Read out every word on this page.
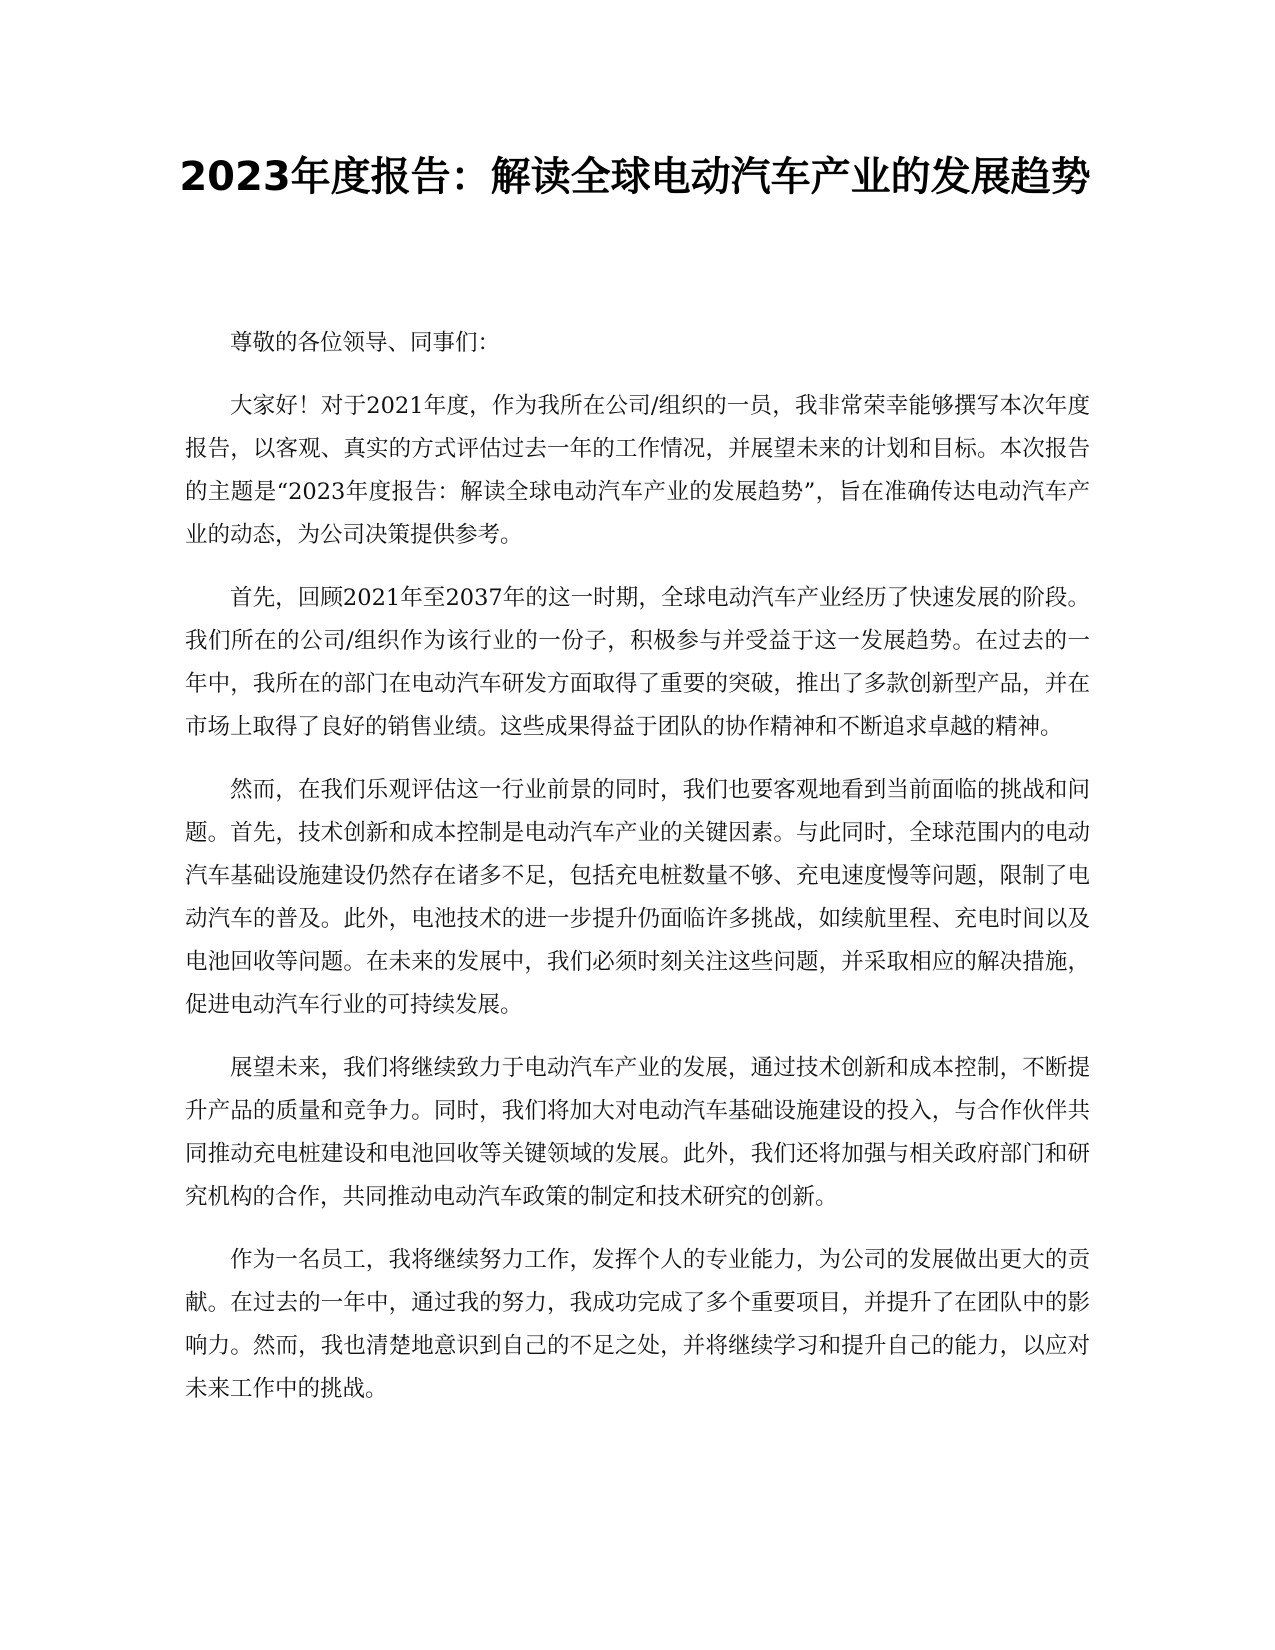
2023年度报告：解读全球电动汽车产业的发展趋势

尊敬的各位领导、同事们：

大家好！对于2021年度，作为我所在公司/组织的一员，我非常荣幸能够撰写本次年度报告，以客观、真实的方式评估过去一年的工作情况，并展望未来的计划和目标。本次报告的主题是“2023年度报告：解读全球电动汽车产业的发展趋势”，旨在准确传达电动汽车产业的动态，为公司决策提供参考。

首先，回顾2021年至2037年的这一时期，全球电动汽车产业经历了快速发展的阶段。我们所在的公司/组织作为该行业的一份子，积极参与并受益于这一发展趋势。在过去的一年中，我所在的部门在电动汽车研发方面取得了重要的突破，推出了多款创新型产品，并在市场上取得了良好的销售业绩。这些成果得益于团队的协作精神和不断追求卓越的精神。

然而，在我们乐观评估这一行业前景的同时，我们也要客观地看到当前面临的挑战和问题。首先，技术创新和成本控制是电动汽车产业的关键因素。与此同时，全球范围内的电动汽车基础设施建设仍然存在诸多不足，包括充电桩数量不够、充电速度慢等问题，限制了电动汽车的普及。此外，电池技术的进一步提升仍面临许多挑战，如续航里程、充电时间以及电池回收等问题。在未来的发展中，我们必须时刻关注这些问题，并采取相应的解决措施，促进电动汽车行业的可持续发展。

展望未来，我们将继续致力于电动汽车产业的发展，通过技术创新和成本控制，不断提升产品的质量和竞争力。同时，我们将加大对电动汽车基础设施建设的投入，与合作伙伴共同推动充电桩建设和电池回收等关键领域的发展。此外，我们还将加强与相关政府部门和研究机构的合作，共同推动电动汽车政策的制定和技术研究的创新。

作为一名员工，我将继续努力工作，发挥个人的专业能力，为公司的发展做出更大的贡献。在过去的一年中，通过我的努力，我成功完成了多个重要项目，并提升了在团队中的影响力。然而，我也清楚地意识到自己的不足之处，并将继续学习和提升自己的能力，以应对未来工作中的挑战。
